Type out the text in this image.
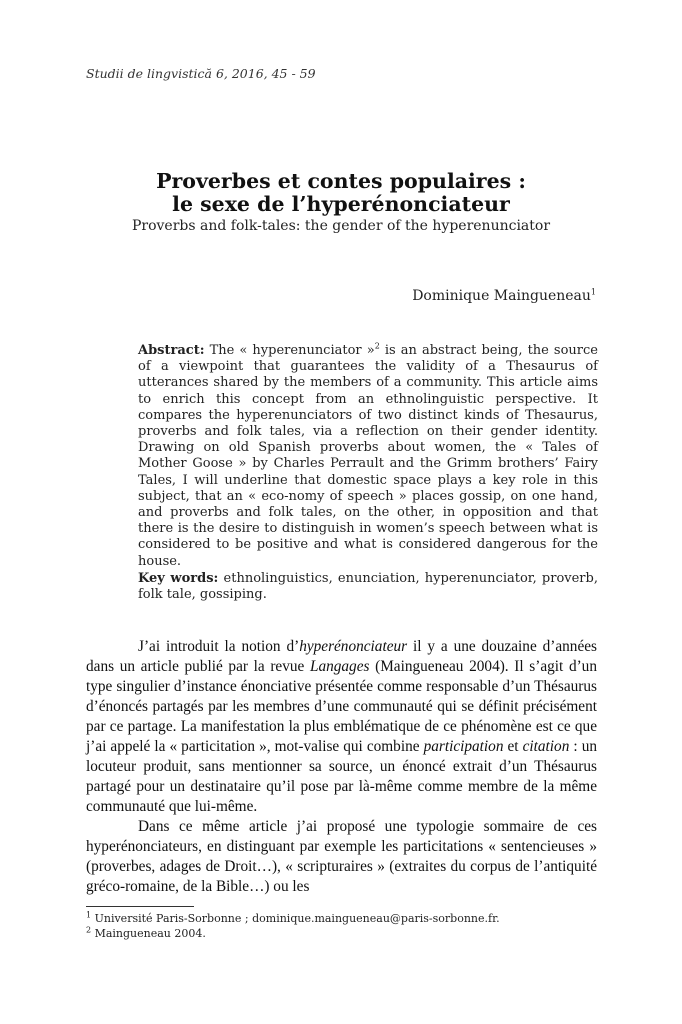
Studii de lingvistică 6, 2016, 45 - 59
Proverbes et contes populaires :
le sexe de l’hyperénonciateur
Proverbs and folk-tales: the gender of the hyperenunciator
Dominique Maingueneau$^1$

Abstract: The « hyperenunciator »$^2$ is an abstract being, the source of a viewpoint that guarantees the validity of a Thesaurus of utterances shared by the members of a community. This article aims to enrich this concept from an ethnolinguistic perspective. It compares the hyperenunciators of two distinct kinds of Thesaurus, proverbs and folk tales, via a reflection on their gender identity. Drawing on old Spanish proverbs about women, the « Tales of Mother Goose » by Charles Perrault and the Grimm brothers’ Fairy Tales, I will underline that domestic space plays a key role in this subject, that an « eco-nomy of speech » places gossip, on one hand, and proverbs and folk tales, on the other, in opposition and that there is the desire to distinguish in women’s speech between what is considered to be positive and what is considered dangerous for the house.

Key words: ethnolinguistics, enunciation, hyperenunciator, proverb, folk tale, gossiping.

J’ai introduit la notion d’hyperénonciateur il y a une douzaine d’années dans un article publié par la revue Langages (Maingueneau 2004). Il s’agit d’un type singulier d’instance énonciative présentée comme responsable d’un Thésaurus d’énoncés partagés par les membres d’une communauté qui se définit précisément par ce partage. La manifestation la plus emblématique de ce phénomène est ce que j’ai appelé la « particitation », mot-valise qui combine participation et citation : un locuteur produit, sans mentionner sa source, un énoncé extrait d’un Thésaurus partagé pour un destinataire qu’il pose par là-même comme membre de la même communauté que lui-même.

Dans ce même article j’ai proposé une typologie sommaire de ces hyperénonciateurs, en distinguant par exemple les particitations « sentencieuses » (proverbes, adages de Droit…), « scripturaires » (extraites du corpus de l’antiquité gréco-romaine, de la Bible…) ou les

$^1$ Université Paris-Sorbonne ; dominique.maingueneau@paris-sorbonne.fr.
$^2$ Maingueneau 2004.
